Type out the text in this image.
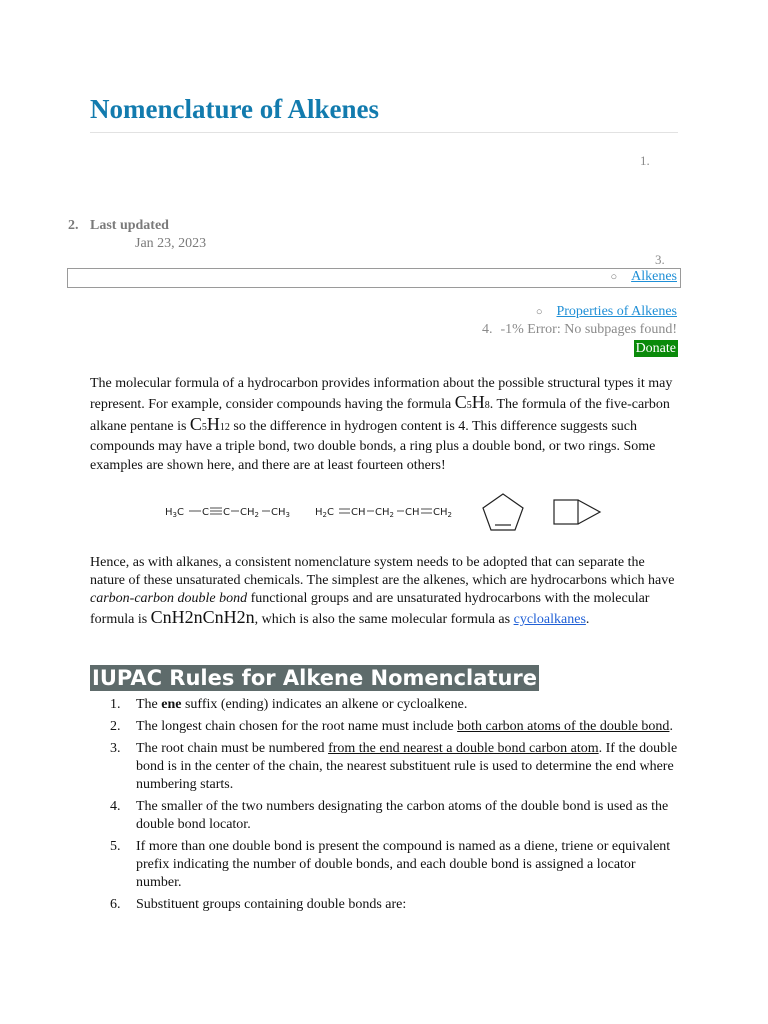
Nomenclature of Alkenes
1.
2. Last updated
Jan 23, 2023
3.
○ Alkenes
○ Properties of Alkenes
4. -1% Error: No subpages found!
Donate

The molecular formula of a hydrocarbon provides information about the possible structural types it may represent. For example, consider compounds having the formula C5H8. The formula of the five-carbon alkane pentane is C5H12 so the difference in hydrogen content is 4. This difference suggests such compounds may have a triple bond, two double bonds, a ring plus a double bond, or two rings. Some examples are shown here, and there are at least fourteen others!

$H_3C$ C C $CH_2$ $CH_3$	$H_2C$ CH $CH_2$ CH $CH_2$

Hence, as with alkanes, a consistent nomenclature system needs to be adopted that can separate the nature of these unsaturated chemicals. The simplest are the alkenes, which are hydrocarbons which have carbon-carbon double bond functional groups and are unsaturated hydrocarbons with the molecular formula is CnH2nCnH2n, which is also the same molecular formula as cycloalkanes.

IUPAC Rules for Alkene Nomenclature
1. The ene suffix (ending) indicates an alkene or cycloalkene.
2. The longest chain chosen for the root name must include both carbon atoms of the double bond.
3. The root chain must be numbered from the end nearest a double bond carbon atom. If the double bond is in the center of the chain, the nearest substituent rule is used to determine the end where numbering starts.
4. The smaller of the two numbers designating the carbon atoms of the double bond is used as the double bond locator.
5. If more than one double bond is present the compound is named as a diene, triene or equivalent prefix indicating the number of double bonds, and each double bond is assigned a locator number.
6. Substituent groups containing double bonds are:
